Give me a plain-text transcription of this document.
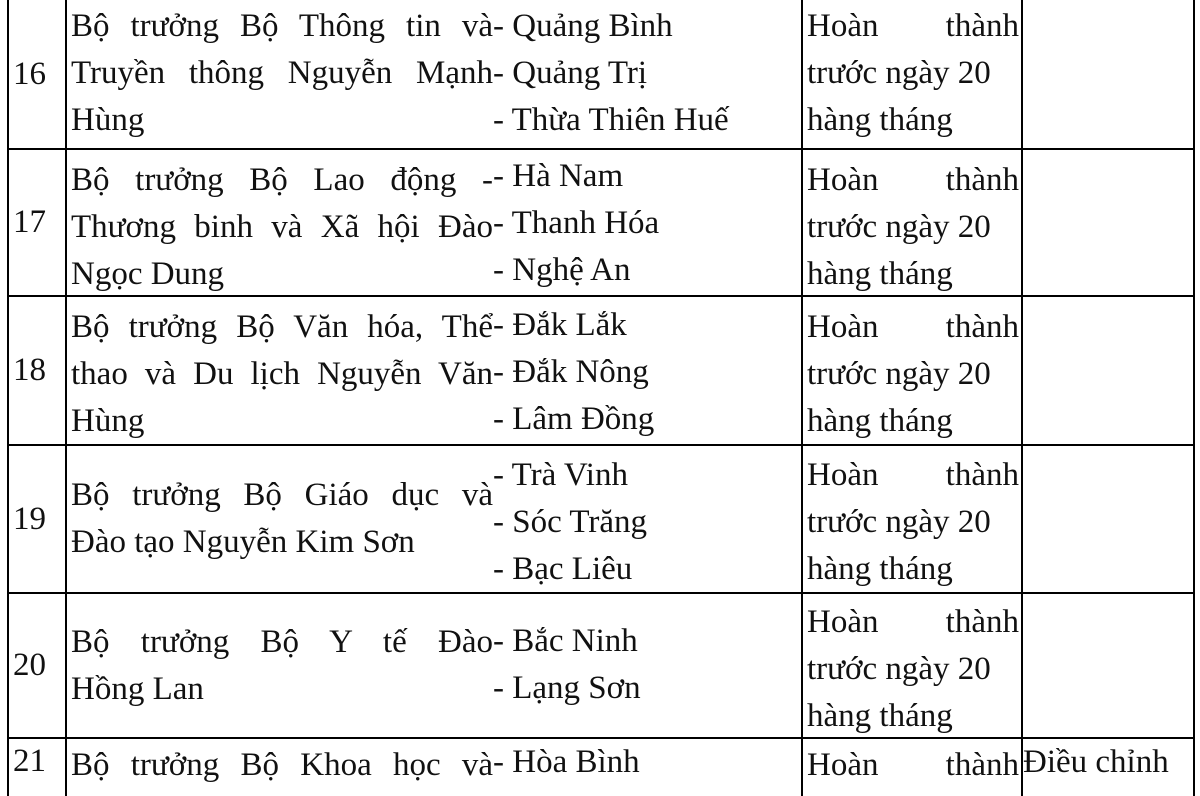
16
Bộ trưởng Bộ Thông tin và
Truyền thông Nguyễn Mạnh
Hùng
- Quảng Bình
- Quảng Trị
- Thừa Thiên Huế
Hoàn thành
trước ngày 20
hàng tháng
17
Bộ trưởng Bộ Lao động -
Thương binh và Xã hội Đào
Ngọc Dung
- Hà Nam
- Thanh Hóa
- Nghệ An
Hoàn thành
trước ngày 20
hàng tháng
18
Bộ trưởng Bộ Văn hóa, Thể
thao và Du lịch Nguyễn Văn
Hùng
- Đắk Lắk
- Đắk Nông
- Lâm Đồng
Hoàn thành
trước ngày 20
hàng tháng
19
Bộ trưởng Bộ Giáo dục và
Đào tạo Nguyễn Kim Sơn
- Trà Vinh
- Sóc Trăng
- Bạc Liêu
Hoàn thành
trước ngày 20
hàng tháng
20
Bộ trưởng Bộ Y tế Đào
Hồng Lan
- Bắc Ninh
- Lạng Sơn
Hoàn thành
trước ngày 20
hàng tháng
21 Bộ trưởng Bộ Khoa học và - Hòa Bình	Hoàn thành Điều chỉnh
